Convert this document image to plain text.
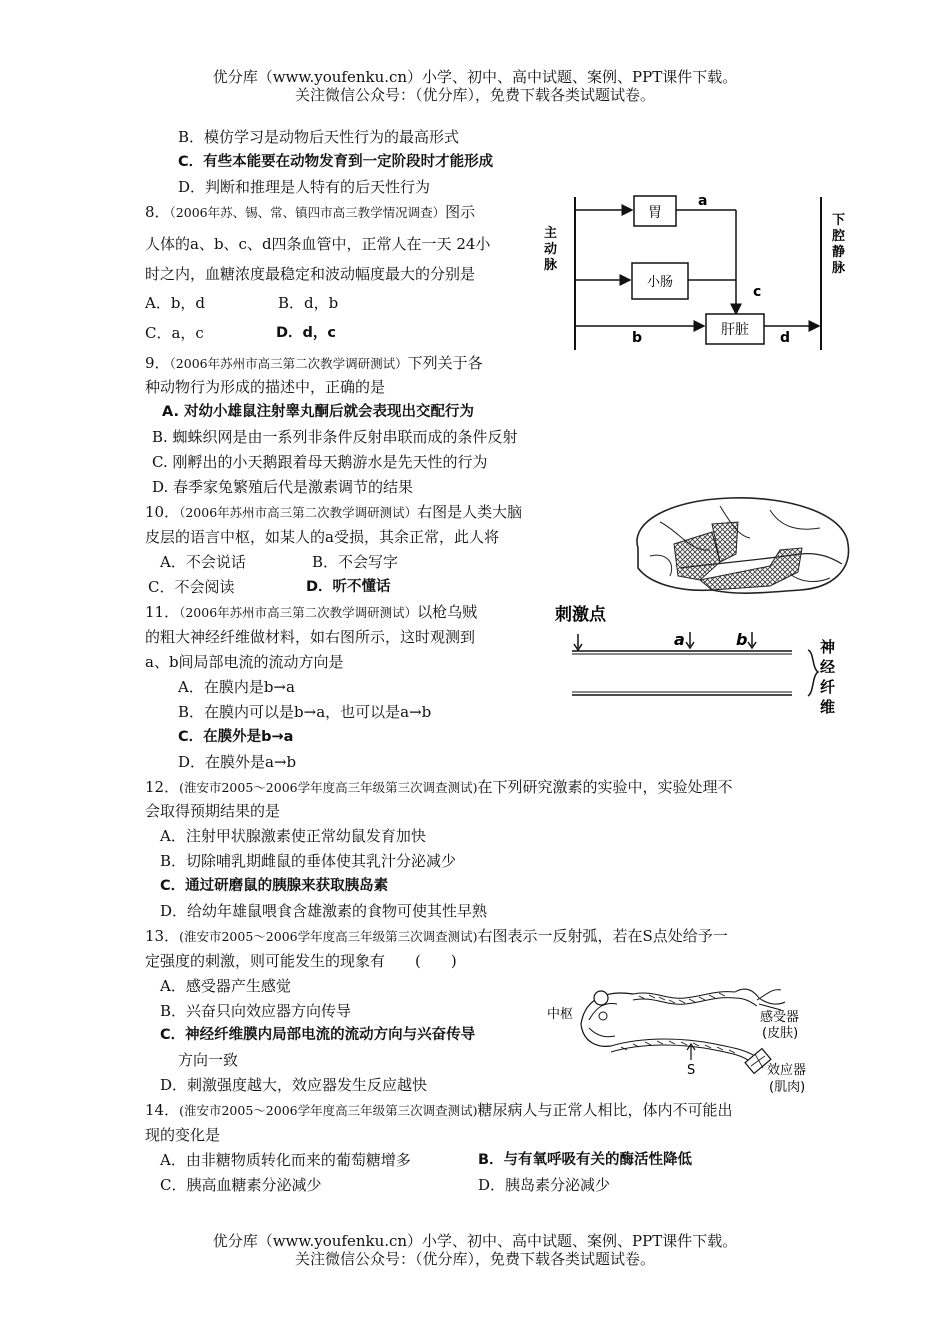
优分库（www.youfenku.cn）小学、初中、高中试题、案例、PPT课件下载。
关注微信公众号：（优分库），免费下载各类试题试卷。
B．模仿学习是动物后天性行为的最高形式
C．有些本能要在动物发育到一定阶段时才能形成
D．判断和推理是人特有的后天性行为
8．（2006年苏、锡、常、镇四市高三教学情况调查）图示
人体的a、b、c、d四条血管中，正常人在一天 24小
时之内，血糖浓度最稳定和波动幅度最大的分别是
A．b，d	B．d，b
C．a，c	D．d，c
胃
a
小肠
c
b	肝脏 d
主
动
脉
下
腔
静
脉
9．（2006年苏州市高三第二次教学调研测试）下列关于各
种动物行为形成的描述中，正确的是
A. 对幼小雄鼠注射睾丸酮后就会表现出交配行为
B. 蜘蛛织网是由一系列非条件反射串联而成的条件反射
C. 刚孵出的小天鹅跟着母天鹅游水是先天性的行为
D. 春季家兔繁殖后代是激素调节的结果
10．（2006年苏州市高三第二次教学调研测试）右图是人类大脑
皮层的语言中枢，如某人的a受损，其余正常，此人将
A．不会说话	B．不会写字
C．不会阅读	D．听不懂话
11．（2006年苏州市高三第二次教学调研测试）以枪乌贼
的粗大神经纤维做材料，如右图所示，这时观测到
a、b间局部电流的流动方向是
A．在膜内是b→a
B．在膜内可以是b→a，也可以是a→b
C．在膜外是b→a
D．在膜外是a→b
刺激点
a	b	神
经
纤
维
12．(淮安市2005～2006学年度高三年级第三次调查测试)在下列研究激素的实验中，实验处理不
会取得预期结果的是
A．注射甲状腺激素使正常幼鼠发育加快
B．切除哺乳期雌鼠的垂体使其乳汁分泌减少
C．通过研磨鼠的胰腺来获取胰岛素
D．给幼年雄鼠喂食含雄激素的食物可使其性早熟
13．(淮安市2005～2006学年度高三年级第三次调查测试)右图表示一反射弧，若在S点处给予一
定强度的刺激，则可能发生的现象有　　(　　)
A．感受器产生感觉
B．兴奋只向效应器方向传导
C．神经纤维膜内局部电流的流动方向与兴奋传导
方向一致
D．刺激强度越大，效应器发生反应越快
中枢	感受器
(皮肤)
S	效应器
(肌肉)
14．(淮安市2005～2006学年度高三年级第三次调查测试)糖尿病人与正常人相比，体内不可能出
现的变化是
A．由非糖物质转化而来的葡萄糖增多	B．与有氧呼吸有关的酶活性降低
C．胰高血糖素分泌减少	D．胰岛素分泌减少
优分库（www.youfenku.cn）小学、初中、高中试题、案例、PPT课件下载。
关注微信公众号：（优分库），免费下载各类试题试卷。
